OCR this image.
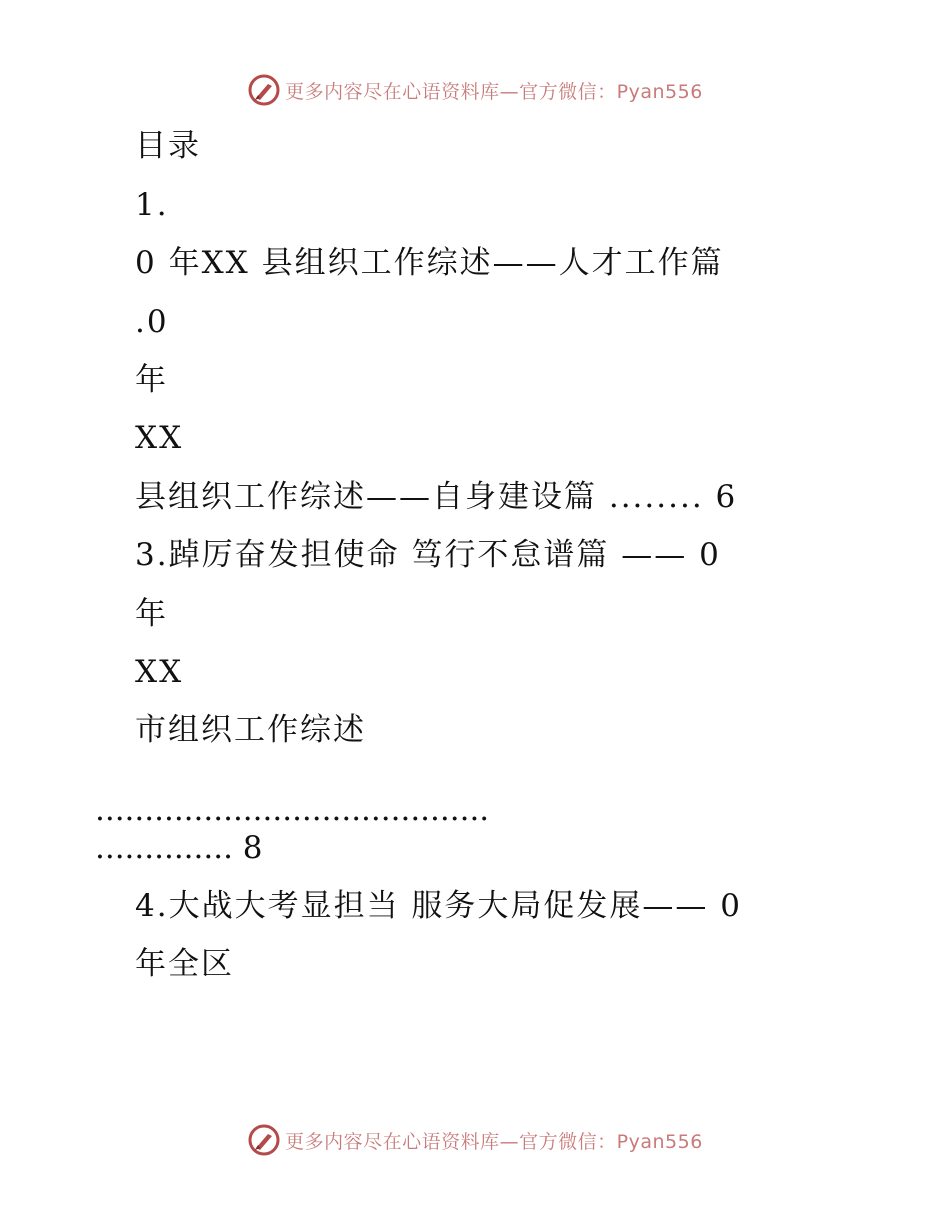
更多内容尽在心语资料库—官方微信：Pyan556
目录
1.
0 年XX 县组织工作综述——人才工作篇
.0
年
XX
县组织工作综述——自身建设篇 ........ 6
3.踔厉奋发担使命 笃行不怠谱篇 —— 0
年
XX
市组织工作综述
........................................
.............. 8
4.大战大考显担当 服务大局促发展—— 0
年全区
更多内容尽在心语资料库—官方微信：Pyan556
